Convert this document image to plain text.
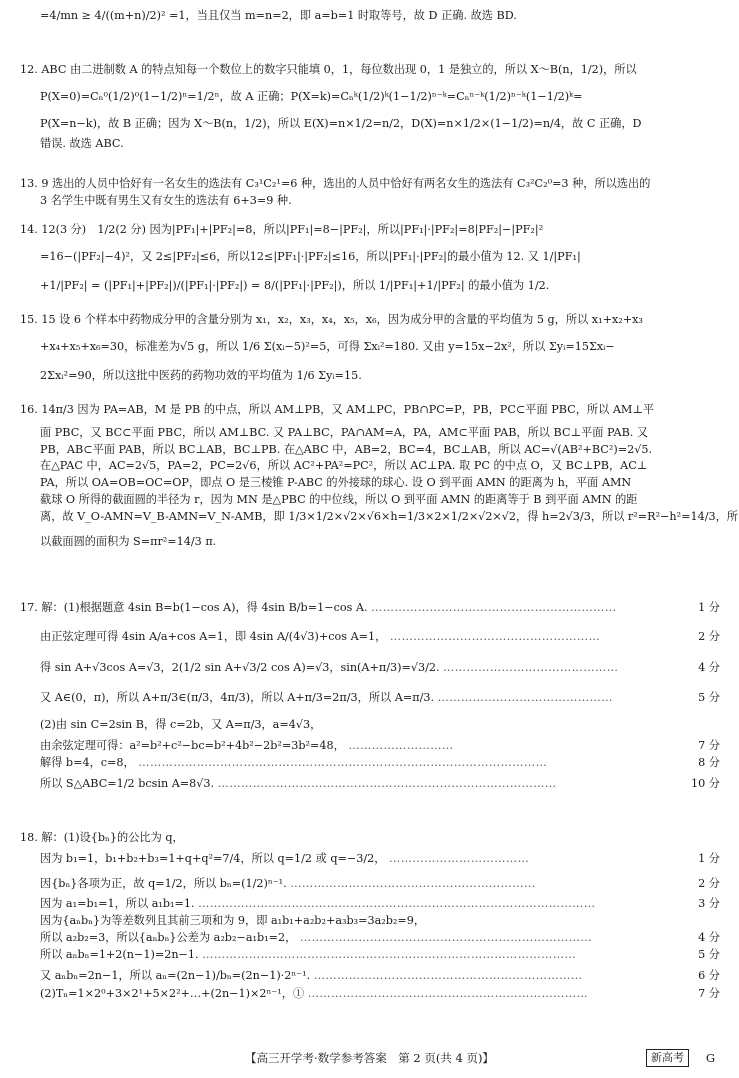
=4/mn ≥ 4/((m+n)/2)² =1，当且仅当 m=n=2，即 a=b=1 时取等号，故 D 正确. 故选 BD.
12. ABC 由二进制数 A 的特点知每一个数位上的数字只能填 0，1，每位数出现 0，1 是独立的，所以 X～B(n，1/2)，所以
P(X=0)=Cₙ⁰(1/2)⁰(1−1/2)ⁿ=1/2ⁿ，故 A 正确；P(X=k)=Cₙᵏ(1/2)ᵏ(1−1/2)ⁿ⁻ᵏ=Cₙⁿ⁻ᵏ(1/2)ⁿ⁻ᵏ(1−1/2)ᵏ=
P(X=n−k)，故 B 正确；因为 X～B(n，1/2)，所以 E(X)=n×1/2=n/2，D(X)=n×1/2×(1−1/2)=n/4，故 C 正确，D
错误. 故选 ABC.
13. 9 选出的人员中恰好有一名女生的选法有 C₃¹C₂¹=6 种，选出的人员中恰好有两名女生的选法有 C₃²C₂⁰=3 种，所以选出的
3 名学生中既有男生又有女生的选法有 6+3=9 种.
14. 12(3 分)　1/2(2 分) 因为|PF₁|+|PF₂|=8，所以|PF₁|=8−|PF₂|，所以|PF₁|·|PF₂|=8|PF₂|−|PF₂|²
=16−(|PF₂|−4)²，又 2≤|PF₂|≤6，所以12≤|PF₁|·|PF₂|≤16，所以|PF₁|·|PF₂|的最小值为 12. 又 1/|PF₁|
+1/|PF₂| = (|PF₁|+|PF₂|)/(|PF₁|·|PF₂|) = 8/(|PF₁|·|PF₂|)，所以 1/|PF₁|+1/|PF₂| 的最小值为 1/2.
15. 15 设 6 个样本中药物成分甲的含量分别为 x₁，x₂，x₃，x₄，x₅，x₆，因为成分甲的含量的平均值为 5 g，所以 x₁+x₂+x₃
+x₄+x₅+x₆=30，标准差为√5 g，所以 1/6 Σ(xᵢ−5)²=5，可得 Σxᵢ²=180. 又由 y=15x−2x²，所以 Σyᵢ=15Σxᵢ−
2Σxᵢ²=90，所以这批中医药的药物功效的平均值为 1/6 Σyᵢ=15.
16. 14π/3 因为 PA=AB，M 是 PB 的中点，所以 AM⊥PB，又 AM⊥PC，PB∩PC=P，PB，PC⊂平面 PBC，所以 AM⊥平
面 PBC，又 BC⊂平面 PBC，所以 AM⊥BC. 又 PA⊥BC，PA∩AM=A，PA，AM⊂平面 PAB，所以 BC⊥平面 PAB. 又
PB，AB⊂平面 PAB，所以 BC⊥AB，BC⊥PB. 在△ABC 中，AB=2，BC=4，BC⊥AB，所以 AC=√(AB²+BC²)=2√5.
在△PAC 中，AC=2√5，PA=2，PC=2√6，所以 AC²+PA²=PC²，所以 AC⊥PA. 取 PC 的中点 O，又 BC⊥PB，AC⊥
PA，所以 OA=OB=OC=OP，即点 O 是三棱锥 P-ABC 的外接球的球心. 设 O 到平面 AMN 的距离为 h，平面 AMN
截球 O 所得的截面圆的半径为 r，因为 MN 是△PBC 的中位线，所以 O 到平面 AMN 的距离等于 B 到平面 AMN 的距
离，故 V_O-AMN=V_B-AMN=V_N-AMB，即 1/3×1/2×√2×√6×h=1/3×2×1/2×√2×√2，得 h=2√3/3，所以 r²=R²−h²=14/3，所
以截面圆的面积为 S=πr²=14/3 π.
17. 解：(1)根据题意 4sin B=b(1−cos A)，得 4sin B/b=1−cos A. ………………………………………………………	1 分
由正弦定理可得 4sin A/a+cos A=1，即 4sin A/(4√3)+cos A=1， ………………………………………………	2 分
得 sin A+√3cos A=√3，2(1/2 sin A+√3/2 cos A)=√3，sin(A+π/3)=√3/2. ………………………………………	4 分
又 A∈(0，π)，所以 A+π/3∈(π/3，4π/3)，所以 A+π/3=2π/3，所以 A=π/3. ………………………………………	5 分
(2)由 sin C=2sin B，得 c=2b，又 A=π/3，a=4√3，
由余弦定理可得：a²=b²+c²−bc=b²+4b²−2b²=3b²=48， ………………………	7 分
解得 b=4，c=8， ……………………………………………………………………………………………	8 分
所以 S△ABC=1/2 bcsin A=8√3. ……………………………………………………………………………	10 分
18. 解：(1)设{bₙ}的公比为 q，
因为 b₁=1，b₁+b₂+b₃=1+q+q²=7/4，所以 q=1/2 或 q=−3/2， ………………………………	1 分
因{bₙ}各项为正，故 q=1/2，所以 bₙ=(1/2)ⁿ⁻¹. ………………………………………………………	2 分
因为 a₁=b₁=1，所以 a₁b₁=1. …………………………………………………………………………………………	3 分
因为{aₙbₙ}为等差数列且其前三项和为 9，即 a₁b₁+a₂b₂+a₃b₃=3a₂b₂=9，
所以 a₂b₂=3，所以{aₙbₙ}公差为 a₂b₂−a₁b₁=2， …………………………………………………………………	4 分
所以 aₙbₙ=1+2(n−1)=2n−1. ……………………………………………………………………………………	5 分
又 aₙbₙ=2n−1，所以 aₙ=(2n−1)/bₙ=(2n−1)·2ⁿ⁻¹. ……………………………………………………………	6 分
(2)Tₙ=1×2⁰+3×2¹+5×2²+…+(2n−1)×2ⁿ⁻¹，① ………………………………………………………………	7 分
【高三开学考·数学参考答案　第 2 页(共 4 页)】	新高考	G
